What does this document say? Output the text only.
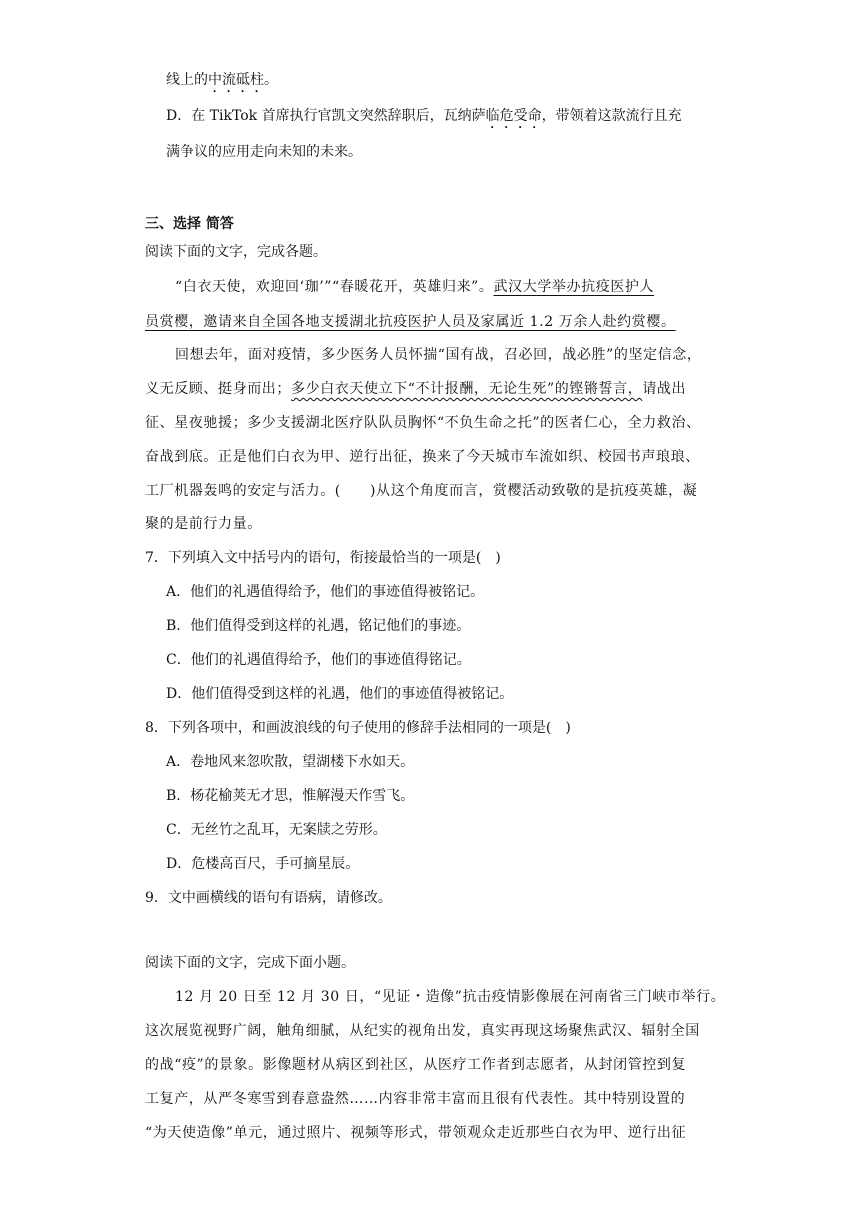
线上的中流砥柱。
D．在 TikTok 首席执行官凯文突然辞职后，瓦纳萨临危受命，带领着这款流行且充
满争议的应用走向未知的未来。
三、选择 简答
阅读下面的文字，完成各题。
“白衣天使，欢迎回‘珈’”“春暖花开，英雄归来”。武汉大学举办抗疫医护人
员赏樱，邀请来自全国各地支援湖北抗疫医护人员及家属近 1.2 万余人赴约赏樱。
回想去年，面对疫情，多少医务人员怀揣“国有战，召必回，战必胜”的坚定信念，
义无反顾、挺身而出；多少白衣天使立下“不计报酬，无论生死”的铿锵誓言，请战出
征、星夜驰援；多少支援湖北医疗队队员胸怀“不负生命之托”的医者仁心，全力救治、
奋战到底。正是他们白衣为甲、逆行出征，换来了今天城市车流如织、校园书声琅琅、
工厂机器轰鸣的安定与活力。(　　)从这个角度而言，赏樱活动致敬的是抗疫英雄，凝
聚的是前行力量。
7．下列填入文中括号内的语句，衔接最恰当的一项是(　)
A．他们的礼遇值得给予，他们的事迹值得被铭记。
B．他们值得受到这样的礼遇，铭记他们的事迹。
C．他们的礼遇值得给予，他们的事迹值得铭记。
D．他们值得受到这样的礼遇，他们的事迹值得被铭记。
8．下列各项中，和画波浪线的句子使用的修辞手法相同的一项是(　)
A．卷地风来忽吹散，望湖楼下水如天。
B．杨花榆荚无才思，惟解漫天作雪飞。
C．无丝竹之乱耳，无案牍之劳形。
D．危楼高百尺，手可摘星辰。
9．文中画横线的语句有语病，请修改。
阅读下面的文字，完成下面小题。
12 月 20 日至 12 月 30 日，“见证・造像”抗击疫情影像展在河南省三门峡市举行。
这次展览视野广阔，触角细腻，从纪实的视角出发，真实再现这场聚焦武汉、辐射全国
的战“疫”的景象。影像题材从病区到社区，从医疗工作者到志愿者，从封闭管控到复
工复产，从严冬寒雪到春意盎然……内容非常丰富而且很有代表性。其中特别设置的
“为天使造像”单元，通过照片、视频等形式，带领观众走近那些白衣为甲、逆行出征
